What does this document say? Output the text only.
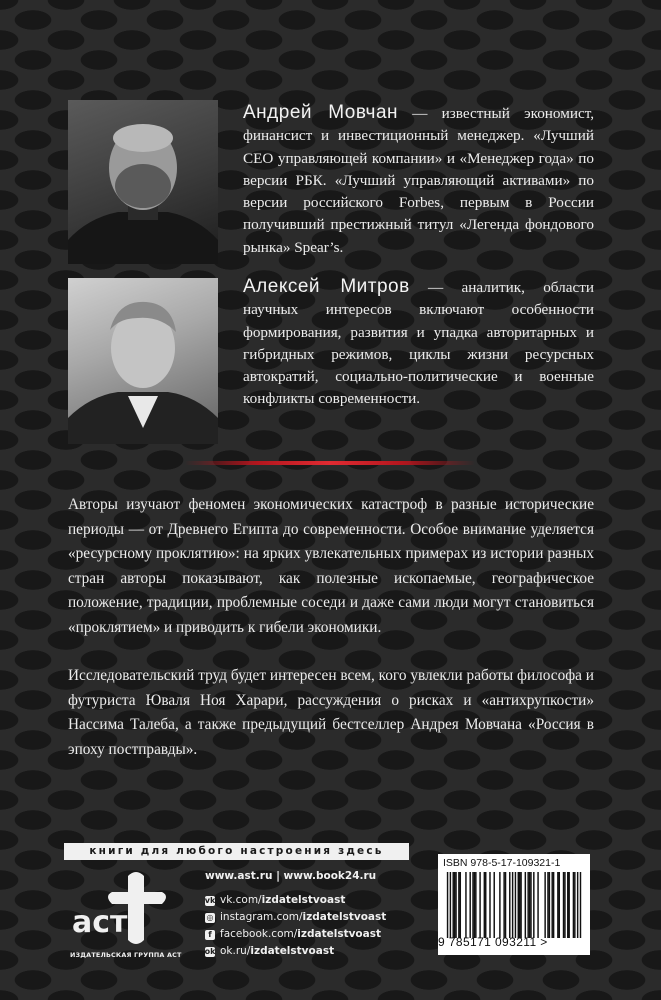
Андрей Мовчан — известный экономист, финансист и инвестиционный менеджер. «Лучший CEO управляющей компании» и «Менеджер года» по версии РБК. «Лучший управляющий активами» по версии российского Forbes, первым в России получивший престижный титул «Легенда фондового рынка» Spear’s.
Алексей Митров — аналитик, области научных интересов включают особенности формирования, развития и упадка авторитарных и гибридных режимов, циклы жизни ресурсных автократий, социально-политические и военные конфликты современности.
Авторы изучают феномен экономических катастроф в разные исторические периоды — от Древнего Египта до современности. Особое внимание уделяется «ресурсному проклятию»: на ярких увлекательных примерах из истории разных стран авторы показывают, как полезные ископаемые, географическое положение, традиции, проблемные соседи и даже сами люди могут становиться «проклятием» и приводить к гибели экономики.
Исследовательский труд будет интересен всем, кого увлекли работы философа и футуриста Юваля Ноя Харари, рассуждения о рисках и «антихрупкости» Нассима Талеба, а также предыдущий бестселлер Андрея Мовчана «Россия в эпоху постправды».
книги для любого настроения здесь
аст
ИЗДАТЕЛЬСКАЯ ГРУППА АСТ
www.ast.ru | www.book24.ru
vk vk.com/ izdatelstvoast
◎ instagram.com/ izdatelstvoast
f facebook.com/ izdatelstvoast
ok ok.ru/ izdatelstvoast
ISBN 978-5-17-109321-1
9 785171 093211 >
